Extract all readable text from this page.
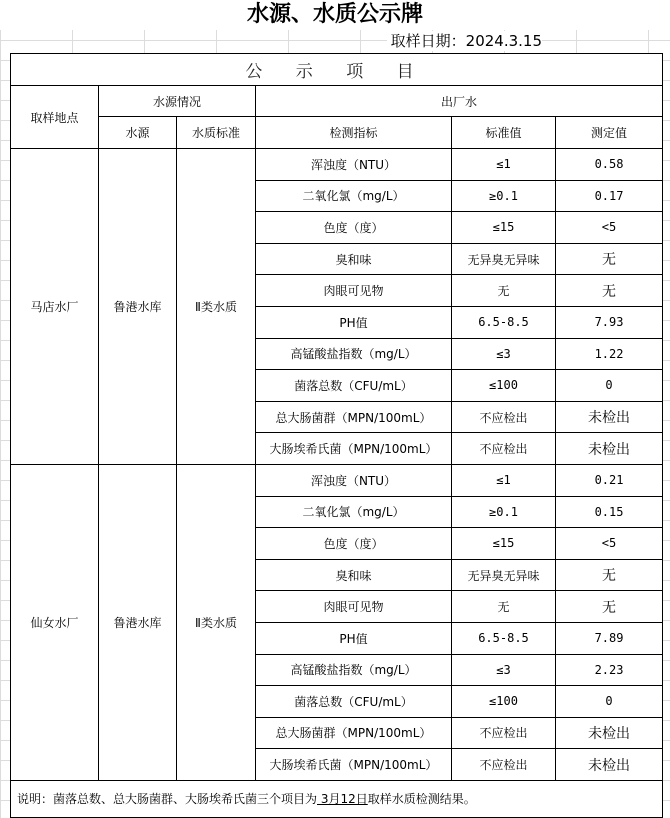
水源、水质公示牌
取样日期：2024.3.15
公 示 项 目					
取样地点	水源情况		出厂水		
	水源	水质标准	检测指标	标准值	测定值
马店水厂	鲁港水库	Ⅱ类水质	浑浊度（NTU）	≤1	0.58
			二氧化氯（mg/L）	≥0.1	0.17
			色度（度）	≤15	<5
			臭和味	无异臭无异味	无
			肉眼可见物	无	无
			PH值	6.5-8.5	7.93
			高锰酸盐指数（mg/L）	≤3	1.22
			菌落总数（CFU/mL）	≤100	0
			总大肠菌群（MPN/100mL）	不应检出	未检出
			大肠埃希氏菌（MPN/100mL）	不应检出	未检出
仙女水厂	鲁港水库	Ⅱ类水质	浑浊度（NTU）	≤1	0.21
			二氧化氯（mg/L）	≥0.1	0.15
			色度（度）	≤15	<5
			臭和味	无异臭无异味	无
			肉眼可见物	无	无
			PH值	6.5-8.5	7.89
			高锰酸盐指数（mg/L）	≤3	2.23
			菌落总数（CFU/mL）	≤100	0
			总大肠菌群（MPN/100mL）	不应检出	未检出
			大肠埃希氏菌（MPN/100mL）	不应检出	未检出
说明：菌落总数、总大肠菌群、大肠埃希氏菌三个项目为 3月12日取样水质检测结果。					
